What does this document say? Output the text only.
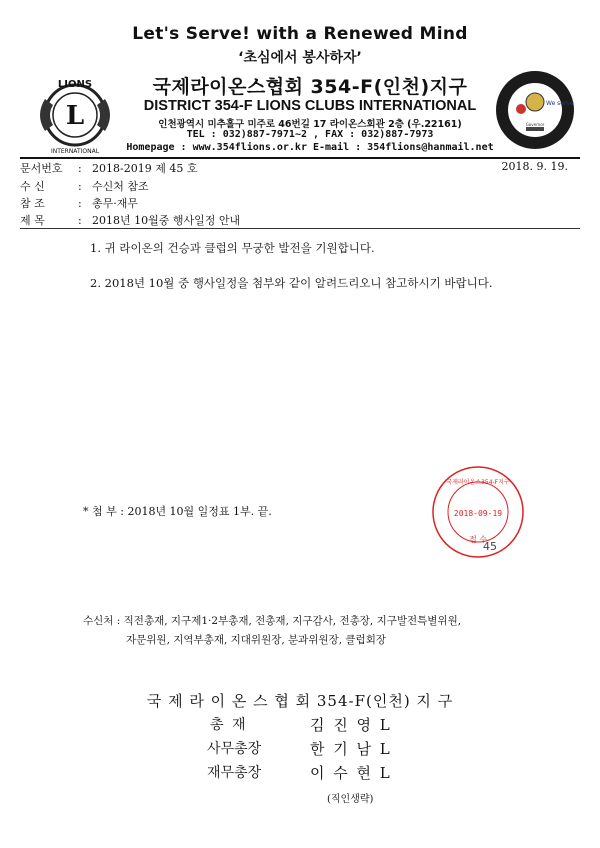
Let's Serve! with a Renewed Mind
‘초심에서 봉사하자’
L
LIONS
INTERNATIONAL
We serve
Governor
국제라이온스협회 354-F(인천)지구
DISTRICT 354-F LIONS CLUBS INTERNATIONAL
인천광역시 미추홀구 미주로 46번길 17 라이온스회관 2층 (우.22161)
TEL : 032)887-7971~2 , FAX : 032)887-7973
Homepage : www.354flions.or.kr E-mail : 354flions@hanmail.net
문서번호 : 2018-2019 제 45 호	2018. 9. 19.
수 신	: 수신처 참조
참 조	: 총무·재무
제 목	: 2018년 10월중 행사일정 안내
1. 귀 라이온의 건승과 클럽의 무궁한 발전을 기원합니다.
2. 2018년 10월 중 행사일정을 첨부와 같이 알려드리오니 참고하시기 바랍니다.
국제라이온스354-F지구
2018-09-19
접 수
45
* 첨 부 : 2018년 10월 일정표 1부. 끝.
수신처 : 직전총재, 지구제1·2부총재, 전총재, 지구감사, 전총장, 지구발전특별위원,
자문위원, 지역부총재, 지대위원장, 분과위원장, 클럽회장
국 제 라 이 온 스 협 회 354-F(인천) 지 구
총 재	김 진 영 L
사무총장	한 기 남 L
재무총장	이 수 현 L
(직인생략)
